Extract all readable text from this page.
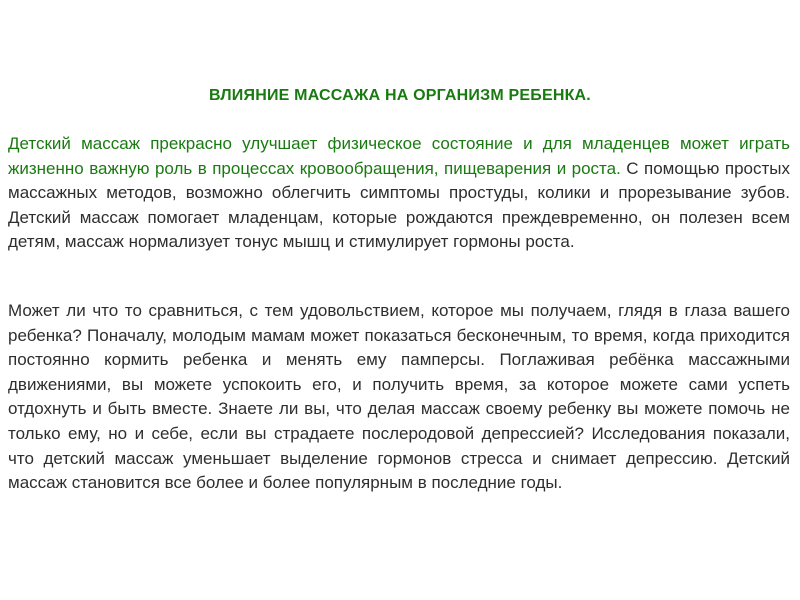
ВЛИЯНИЕ МАССАЖА НА ОРГАНИЗМ РЕБЕНКА.
Детский массаж прекрасно улучшает физическое состояние и для младенцев может играть жизненно важную роль в процессах кровообращения, пищеварения и роста. С помощью простых массажных методов, возможно облегчить симптомы простуды, колики и прорезывание зубов. Детский массаж помогает младенцам, которые рождаются преждевременно, он полезен всем детям, массаж нормализует тонус мышц и стимулирует гормоны роста.
Может ли что то сравниться, с тем удовольствием, которое мы получаем, глядя в глаза вашего ребенка? Поначалу, молодым мамам может показаться бесконечным, то время, когда приходится постоянно кормить ребенка и менять ему памперсы. Поглаживая ребёнка массажными движениями, вы можете успокоить его, и получить время, за которое можете сами успеть отдохнуть и быть вместе. Знаете ли вы, что делая массаж своему ребенку вы можете помочь не только ему, но и себе, если вы страдаете послеродовой депрессией? Исследования показали, что детский массаж уменьшает выделение гормонов стресса и снимает депрессию. Детский массаж становится все более и более популярным в последние годы.
